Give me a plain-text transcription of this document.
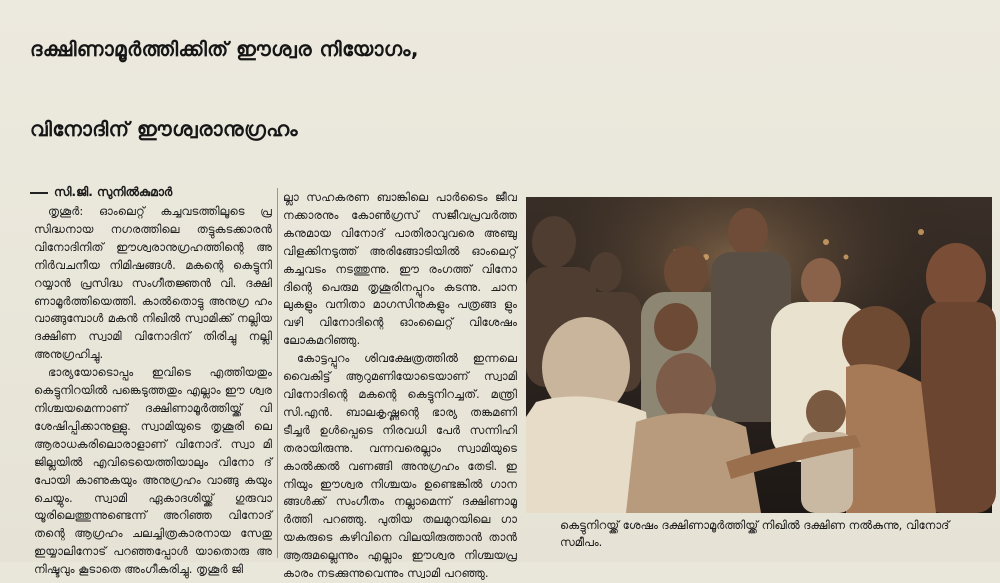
ദക്ഷിണാമൂർത്തിക്കിത് ഈശ്വര നിയോഗം,
വിനോദിന് ഈശ്വരാനുഗ്രഹം
സി.ജി. സുനിൽകുമാർ

തൃശൂർ: ഓംലെറ്റ് കച്ചവടത്തിലൂടെ പ്ര സിദ്ധനായ നഗരത്തിലെ തട്ടുകടക്കാരൻ വിനോദിനിത് ഈശ്വരാനുഗ്രഹത്തിന്റെ അ നിർവചനീയ നിമിഷങ്ങൾ. മകന്റെ കെട്ടുനി റയ്യാൻ പ്രസിദ്ധ സംഗീതജ്ഞൻ വി. ദക്ഷി ണാമൂർത്തിയെത്തി. കാൽതൊട്ടു അനുഗ്ര ഹം വാങ്ങുമ്പോൾ മകൻ നിഖിൽ സ്വാമിക്ക് നല്ലിയ ദക്ഷിണ സ്വാമി വിനോദിന് തിരിച്ചു നല്ലി അനുഗ്രഹിച്ചു.

ഭാര്യയോടൊപ്പം ഇവിടെ എത്തിയതും കെട്ടുനിറയിൽ പങ്കെടുത്തതും എല്ലാം ഈ ശ്വര നിശ്ചയമെന്നാണ് ദക്ഷിണാമൂർത്തിയ്ക്ക് വി ശേഷിപ്പിക്കാനുള്ളു. സ്വാമിയുടെ തൃശൂരി ലെ ആരാധകരിലൊരാളാണ് വിനോദ്. സ്വാ മി ജില്ലയിൽ എവിടെയെത്തിയാലും വിനോ ദ് പോയി കാണുകയും അനുഗ്രഹം വാങ്ങു കയും ചെയ്യും. സ്വാമി ഏകാദശിയ്ക്ക് ഗുരുവാ യൂരിലെത്തുന്നുണ്ടെന്ന് അറിഞ്ഞ വിനോദ് തന്റെ ആഗ്രഹം ചലച്ചിത്രകാരനായ സേതു ഇയ്യാലിനോട് പറഞ്ഞപ്പോൾ യാതൊരു അ നിഷ്ടവും കൂടാതെ അംഗീകരിച്ചു. തൃശൂർ ജി

ല്ലാ സഹകരണ ബാങ്കിലെ പാർടൈം ജീവ നക്കാരനും കോൺഗ്രസ് സജീവപ്രവർത്ത കനുമായ വിനോദ് പാതിരാവുവരെ അഞ്ചു വിളക്കിനടുത്ത് അരിങ്ങോടിയിൽ ഓംലെറ്റ് കച്ചവടം നടത്തുന്നു. ഈ രംഗത്ത് വിനോ ദിന്റെ പെരുമ തൃശൂരിനപ്പുറം കടന്നു. ചാന ലുകളും വനിതാ മാഗസിനുകളും പത്രങ്ങ ളും വഴി വിനോദിന്റെ ഓംലൈറ്റ് വിശേഷം ലോകമറിഞ്ഞു.

കോട്ടപ്പുറം ശിവക്ഷേത്രത്തിൽ ഇന്നലെ വൈകിട്ട് ആറുമണിയോടെയാണ് സ്വാമി വിനോദിന്റെ മകന്റെ കെട്ടുനിറച്ചത്. മന്ത്രി സി.എൻ. ബാലകൃഷ്ണന്റെ ഭാര്യ തങ്കമണി ടീച്ചർ ഉൾപ്പെടെ നിരവധി പേർ സന്നിഹി തരായിരുന്നു. വന്നവരെല്ലാം സ്വാമിയുടെ കാൽക്കൽ വണങ്ങി അനുഗ്രഹം തേടി. ഇ നിയും ഈശ്വര നിശ്ചയം ഉണ്ടെങ്കിൽ ഗാന ങ്ങൾക്ക് സംഗീതം നല്ലാമെന്ന് ദക്ഷിണാമൂ ർത്തി പറഞ്ഞു. പുതിയ തലമുറയിലെ ഗാ യകരുടെ കഴിവിനെ വിലയിരുത്താൻ താൻ ആരുമല്ലെന്നും എല്ലാം ഈശ്വര നിശ്ചയപ്ര കാരം നടക്കുന്നുവെന്നും സ്വാമി പറഞ്ഞു.

കെട്ടുനിറയ്ക്ക് ശേഷം ദക്ഷിണാമൂർത്തിയ്ക്ക് നിഖിൽ ദക്ഷിണ നൽകുന്നു, വിനോദ് സമീപം.
